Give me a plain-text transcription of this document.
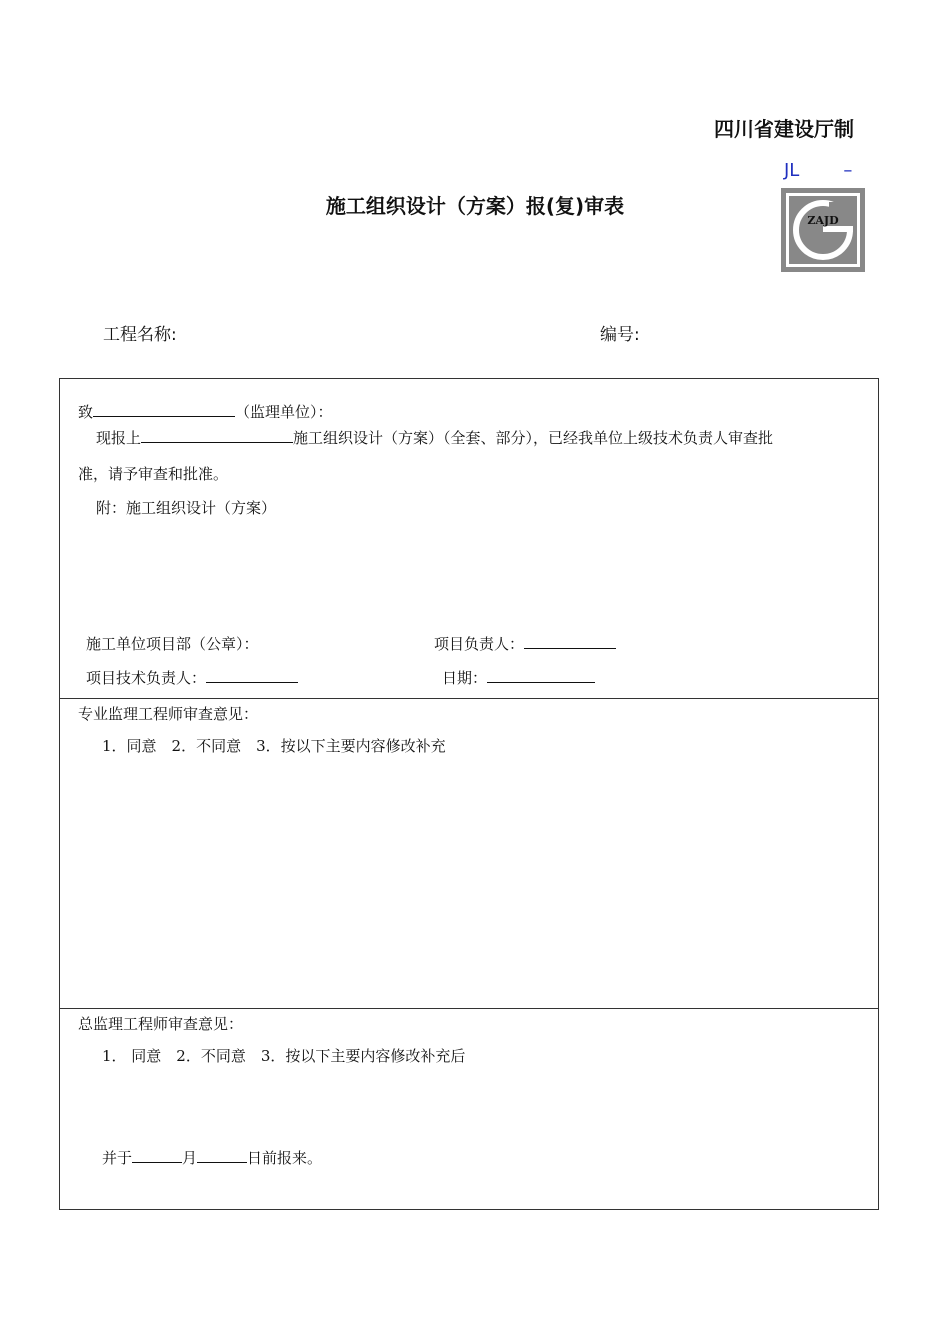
四川省建设厅制
JL –
ZAJD
施工组织设计（方案）报(复)审表
工程名称:	编号:
致	（监理单位）：
现报上	施工组织设计（方案）（全套、部分），已经我单位上级技术负责人审查批
准，请予审查和批准。
附：施工组织设计（方案）
施工单位项目部（公章）：	项目负责人：
项目技术负责人：	日期：
专业监理工程师审查意见：
1．同意　2．不同意　3．按以下主要内容修改补充
总监理工程师审查意见：
1． 同意　2．不同意　3．按以下主要内容修改补充后
并于	月	日前报来。
